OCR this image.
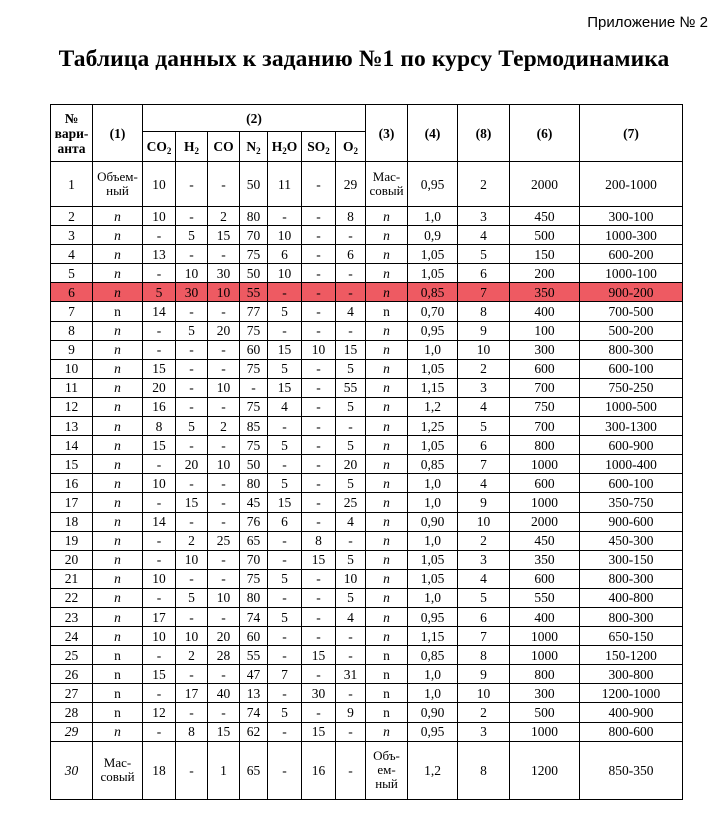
Приложение № 2
Таблица данных к заданию №1 по курсу Термодинамика
№
вари-
анта	(1)	(2)							(3)	(4)	(8)	(6)	(7)
		$CO_2$	$H_2$	CO	$N_2$	$H_2O$	$SO_2$	$O_2$
1	Объем-
ный	10	-	-	50	11	-	29	Мас-
совый	0,95	2	2000	200-1000
2	n	10	-	2	80	-	-	8	n	1,0	3	450	300-100
3	n	-	5	15	70	10	-	-	n	0,9	4	500	1000-300
4	n	13	-	-	75	6	-	6	n	1,05	5	150	600-200
5	n	-	10	30	50	10	-	-	n	1,05	6	200	1000-100
6	n	5	30	10	55	-	-	-	n	0,85	7	350	900-200
7	n	14	-	-	77	5	-	4	n	0,70	8	400	700-500
8	n	-	5	20	75	-	-	-	n	0,95	9	100	500-200
9	n	-	-	-	60	15	10	15	n	1,0	10	300	800-300
10	n	15	-	-	75	5	-	5	n	1,05	2	600	600-100
11	n	20	-	10	-	15	-	55	n	1,15	3	700	750-250
12	n	16	-	-	75	4	-	5	n	1,2	4	750	1000-500
13	n	8	5	2	85	-	-	-	n	1,25	5	700	300-1300
14	n	15	-	-	75	5	-	5	n	1,05	6	800	600-900
15	n	-	20	10	50	-	-	20	n	0,85	7	1000	1000-400
16	n	10	-	-	80	5	-	5	n	1,0	4	600	600-100
17	n	-	15	-	45	15	-	25	n	1,0	9	1000	350-750
18	n	14	-	-	76	6	-	4	n	0,90	10	2000	900-600
19	n	-	2	25	65	-	8	-	n	1,0	2	450	450-300
20	n	-	10	-	70	-	15	5	n	1,05	3	350	300-150
21	n	10	-	-	75	5	-	10	n	1,05	4	600	800-300
22	n	-	5	10	80	-	-	5	n	1,0	5	550	400-800
23	n	17	-	-	74	5	-	4	n	0,95	6	400	800-300
24	n	10	10	20	60	-	-	-	n	1,15	7	1000	650-150
25	n	-	2	28	55	-	15	-	n	0,85	8	1000	150-1200
26	n	15	-	-	47	7	-	31	n	1,0	9	800	300-800
27	n	-	17	40	13	-	30	-	n	1,0	10	300	1200-1000
28	n	12	-	-	74	5	-	9	n	0,90	2	500	400-900
29	n	-	8	15	62	-	15	-	n	0,95	3	1000	800-600
30	Мас-
совый	18	-	1	65	-	16	-	Объ-
ем-
ный	1,2	8	1200	850-350
